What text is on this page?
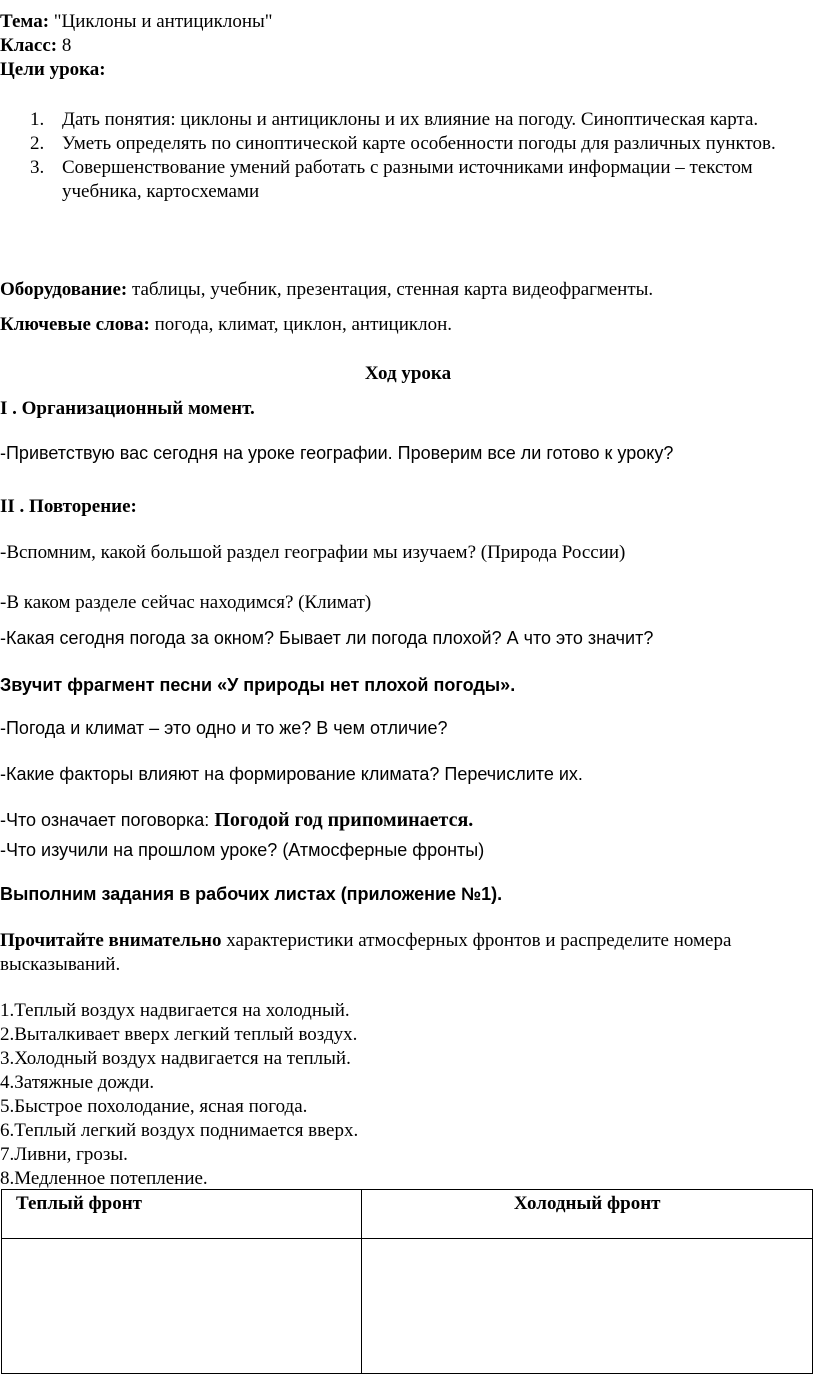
Тема: "Циклоны и антициклоны"
Класс: 8
Цели урока:
1. Дать понятия: циклоны и антициклоны и их влияние на погоду. Синоптическая карта.
2. Уметь определять по синоптической карте особенности погоды для различных пунктов.
3. Совершенствование умений работать с разными источниками информации – текстом учебника, картосхемами
Оборудование: таблицы, учебник, презентация, стенная карта видеофрагменты.
Ключевые слова: погода, климат, циклон, антициклон.
Ход урока
I . Организационный момент.
-Приветствую вас сегодня на уроке географии. Проверим все ли готово к уроку?
II . Повторение:
-Вспомним, какой большой раздел географии мы изучаем? (Природа России)
-В каком разделе сейчас находимся? (Климат)
-Какая сегодня погода за окном? Бывает ли погода плохой? А что это значит?
Звучит фрагмент песни «У природы нет плохой погоды».
-Погода и климат – это одно и то же? В чем отличие?
-Какие факторы влияют на формирование климата? Перечислите их.
-Что означает поговорка: Погодой год припоминается.
-Что изучили на прошлом уроке? (Атмосферные фронты)
Выполним задания в рабочих листах (приложение №1).
Прочитайте внимательно характеристики атмосферных фронтов и распределите номера
высказываний.
1.Теплый воздух надвигается на холодный.
2.Выталкивает вверх легкий теплый воздух.
3.Холодный воздух надвигается на теплый.
4.Затяжные дожди.
5.Быстрое похолодание, ясная погода.
6.Теплый легкий воздух поднимается вверх.
7.Ливни, грозы.
8.Медленное потепление.
Теплый фронт	Холодный фронт
